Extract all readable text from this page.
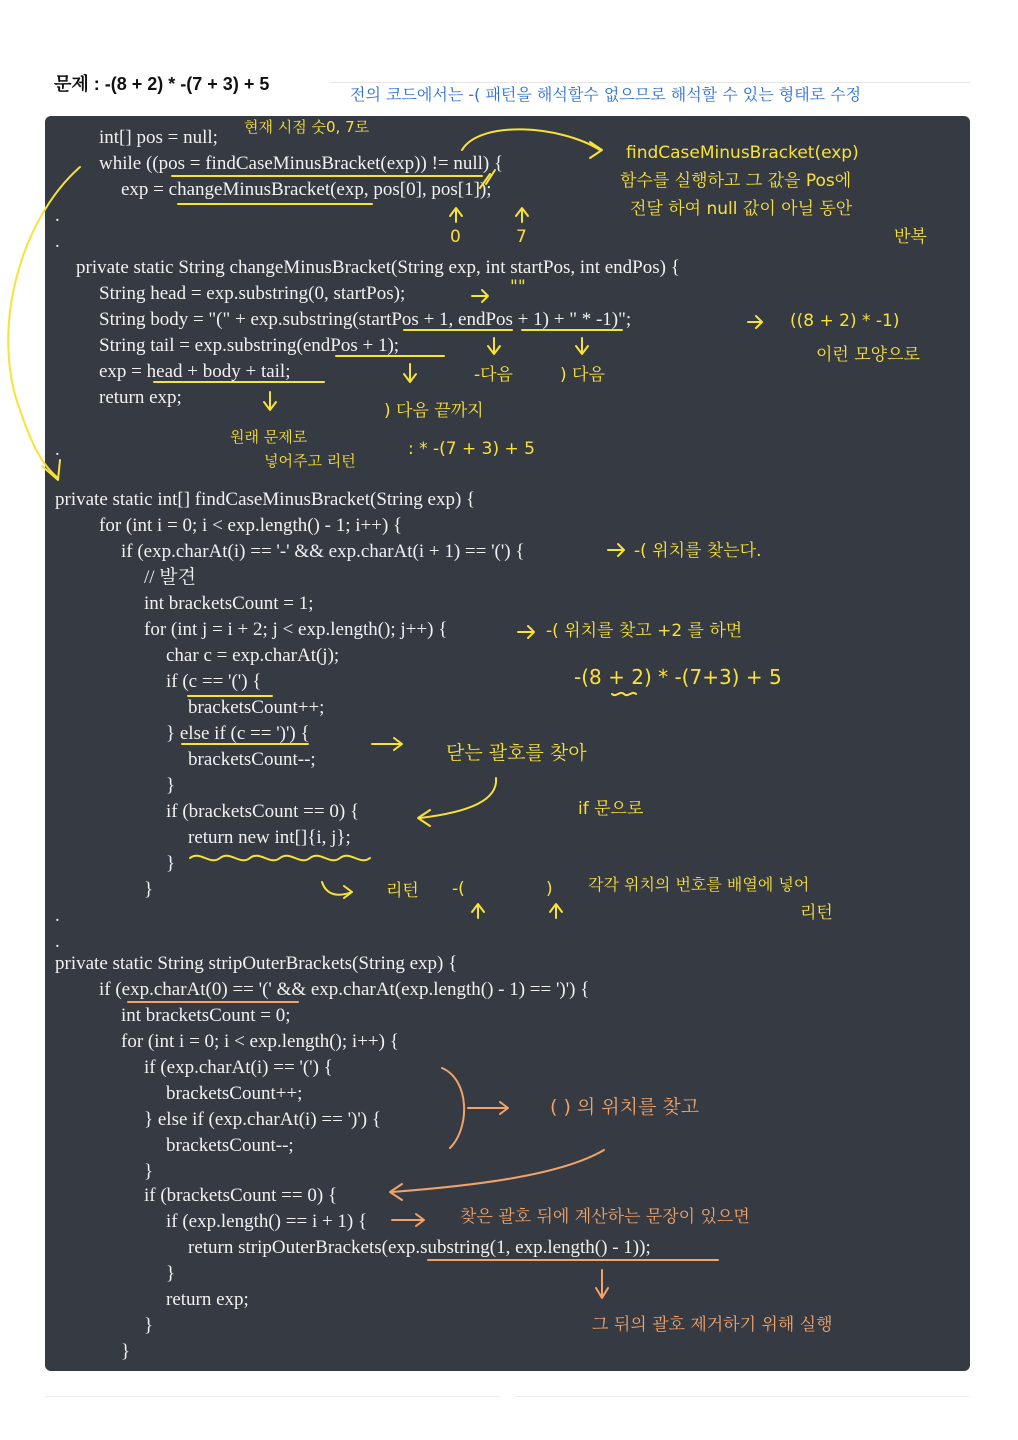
문제 : -(8 + 2) * -(7 + 3) + 5

전의 코드에서는 -( 패턴을 해석할수 없으므로 해석할 수 있는 형태로 수정

int[] pos = null;

while ((pos = findCaseMinusBracket(exp)) != null) {

exp = changeMinusBracket(exp, pos[0], pos[1]);

.

.

private static String changeMinusBracket(String exp, int startPos, int endPos) {

String head = exp.substring(0, startPos);

String body = "(" + exp.substring(startPos + 1, endPos + 1) + " * -1)";

String tail = exp.substring(endPos + 1);

exp = head + body + tail;

return exp;

.

private static int[] findCaseMinusBracket(String exp) {

for (int i = 0; i < exp.length() - 1; i++) {

if (exp.charAt(i) == '-' && exp.charAt(i + 1) == '(') {

// 발견

int bracketsCount = 1;

for (int j = i + 2; j < exp.length(); j++) {

char c = exp.charAt(j);

if (c == '(') {

bracketsCount++;

} else if (c == ')') {

bracketsCount--;

}

if (bracketsCount == 0) {

return new int[]{i, j};

}

}

.

.

private static String stripOuterBrackets(String exp) {

if (exp.charAt(0) == '(' && exp.charAt(exp.length() - 1) == ')') {

int bracketsCount = 0;

for (int i = 0; i < exp.length(); i++) {

if (exp.charAt(i) == '(') {

bracketsCount++;

} else if (exp.charAt(i) == ')') {

bracketsCount--;

}

if (bracketsCount == 0) {

if (exp.length() == i + 1) {

return stripOuterBrackets(exp.substring(1, exp.length() - 1));

}

return exp;

}

}

현재 시점 숫0, 7로

findCaseMinusBracket(exp)

함수를 실행하고 그 값을 Pos에

전달 하여 null 값이 아닐 동안

반복

0	7

""

((8 + 2) * -1)

이런 모양으로

-다음	) 다음

) 다음 끝까지

: * -(7 + 3) + 5

원래 문제로

넣어주고 리턴

-( 위치를 찾는다.

-( 위치를 찾고 +2 를 하면

-(8 + 2) * -(7+3) + 5

닫는 괄호를 찾아

if 문으로

리턴 -(	) 각각 위치의 번호를 배열에 넣어

리턴

( ) 의 위치를 찾고

찾은 괄호 뒤에 계산하는 문장이 있으면

그 뒤의 괄호 제거하기 위해 실행
